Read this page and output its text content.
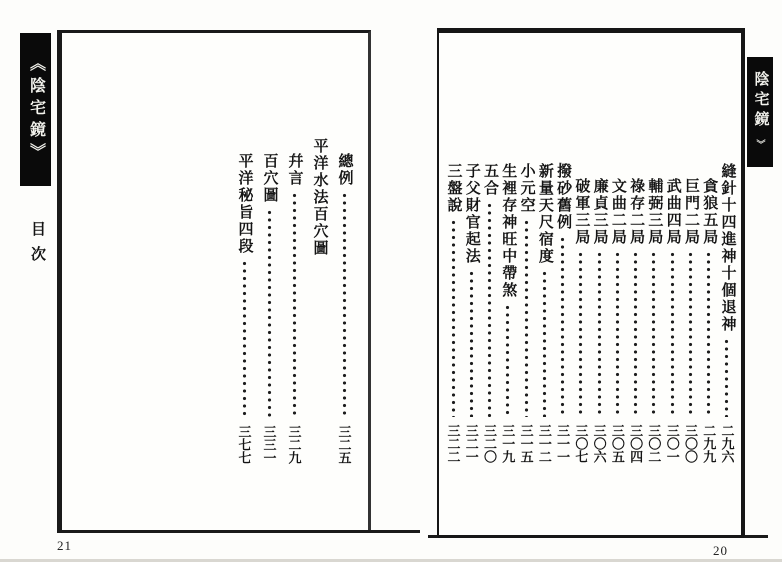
《陰宅鏡》
目次
總例
三二五
平洋水法百穴圖
幷言
三二九
百穴圖
三三一
平洋秘旨四段
三七七
21
陰宅鏡 》
縫針十四進神十個退神
二九六
貪狼五局
二九九
巨門二局
三〇〇
武曲四局
三〇一
輔弼三局
三〇二
祿存二局
三〇四
文曲二局
三〇五
廉貞三局
三〇六
破軍三局
三〇七
撥砂舊例
三一一
新量天尺宿度
三一二
小元空
三一五
生裡存神旺中帶煞
三一九
五合
三二〇
子父財官起法
三二一
三盤說
三二二
20
